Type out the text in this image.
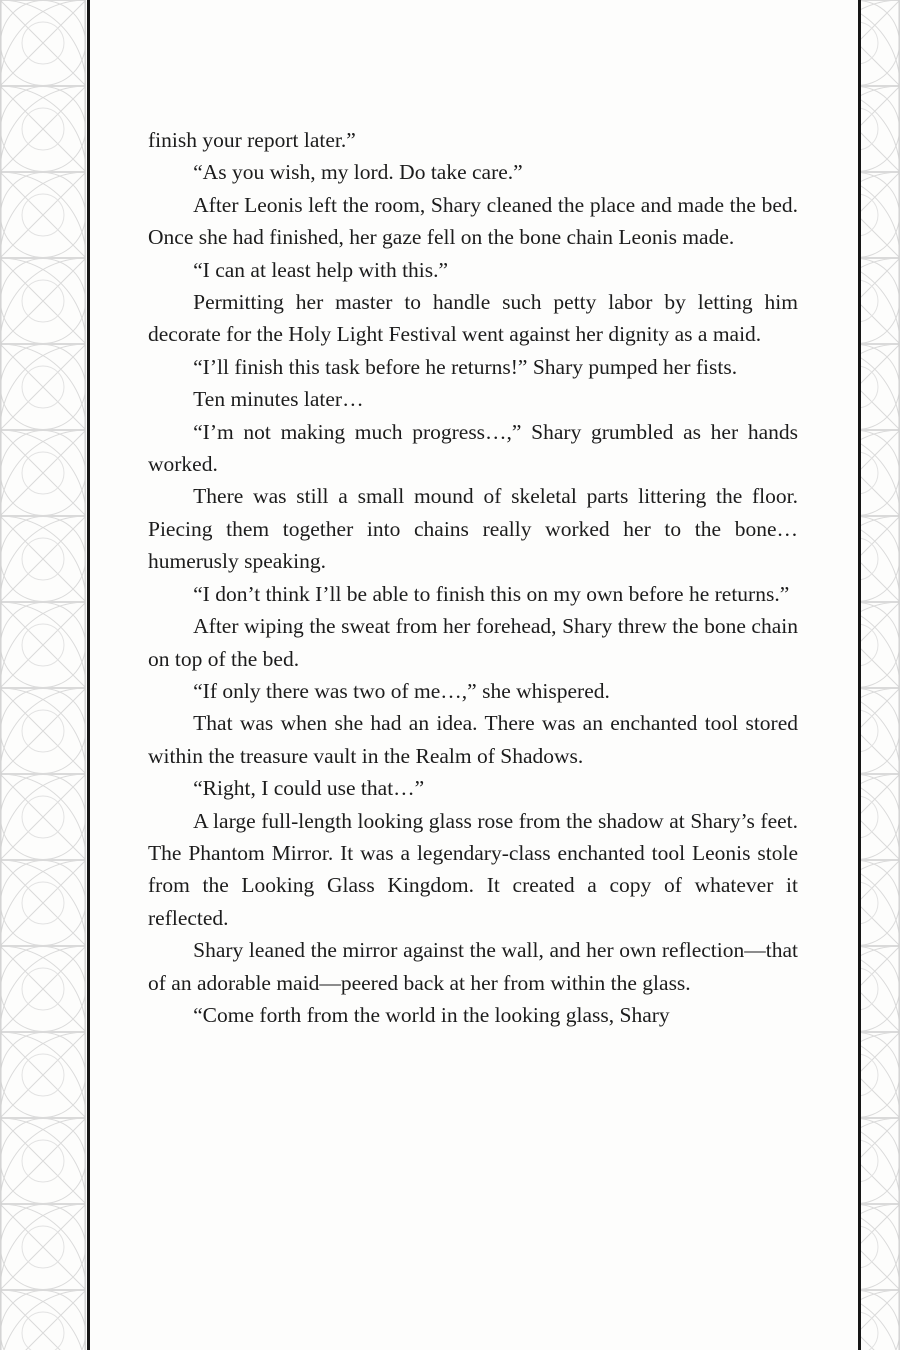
finish your report later.”

“As you wish, my lord. Do take care.”

After Leonis left the room, Shary cleaned the place and made the bed. Once she had finished, her gaze fell on the bone chain Leonis made.

“I can at least help with this.”

Permitting her master to handle such petty labor by letting him decorate for the Holy Light Festival went against her dignity as a maid.

“I’ll finish this task before he returns!” Shary pumped her fists.

Ten minutes later…

“I’m not making much progress…,” Shary grumbled as her hands worked.

There was still a small mound of skeletal parts littering the floor. Piecing them together into chains really worked her to the bone…humerusly speaking.

“I don’t think I’ll be able to finish this on my own before he returns.”

After wiping the sweat from her forehead, Shary threw the bone chain on top of the bed.

“If only there was two of me…,” she whispered.

That was when she had an idea. There was an enchanted tool stored within the treasure vault in the Realm of Shadows.

“Right, I could use that…”

A large full-length looking glass rose from the shadow at Shary’s feet. The Phantom Mirror. It was a legendary-class enchanted tool Leonis stole from the Looking Glass Kingdom. It created a copy of whatever it reflected.

Shary leaned the mirror against the wall, and her own reflection—that of an adorable maid—peered back at her from within the glass.

“Come forth from the world in the looking glass, Shary
